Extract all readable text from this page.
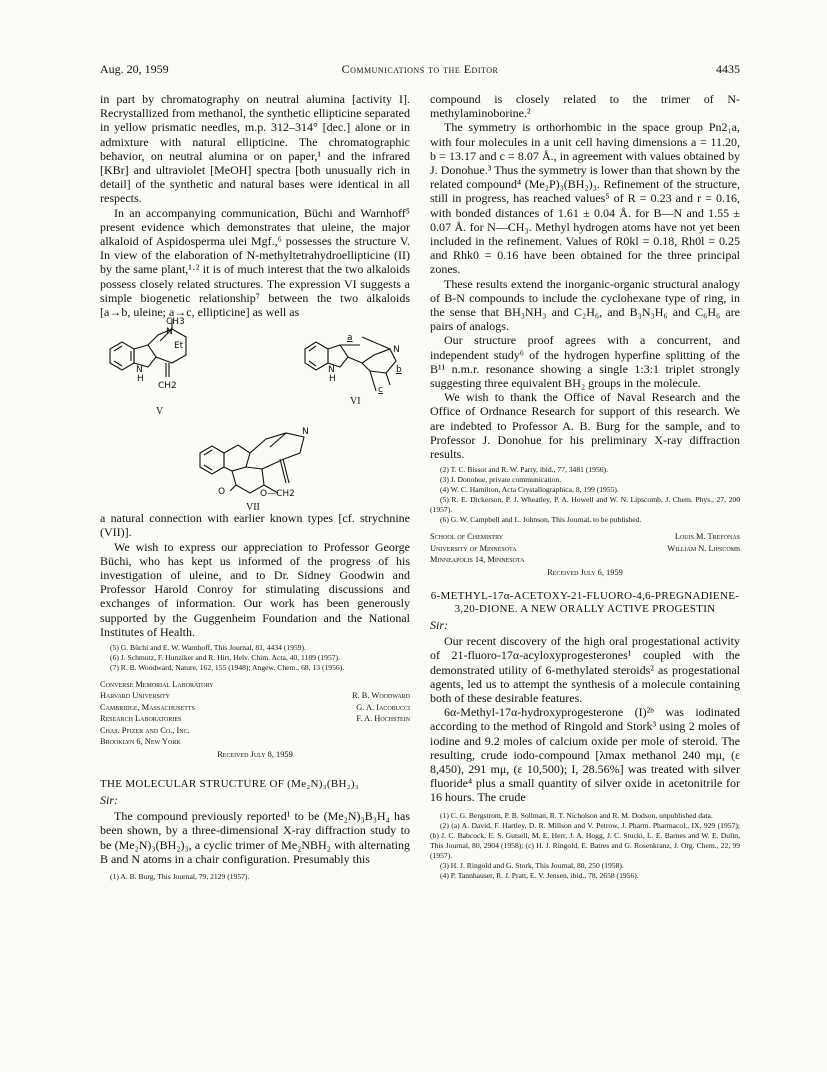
Aug. 20, 1959	Communications to the Editor	4435

in part by chromatography on neutral alumina [activity I]. Recrystallized from methanol, the synthetic ellipticine separated in yellow prismatic needles, m.p. 312–314° [dec.] alone or in admixture with natural ellipticine. The chromatographic behavior, on neutral alumina or on paper,¹ and the infrared [KBr] and ultraviolet [MeOH] spectra [both unusually rich in detail] of the synthetic and natural bases were identical in all respects.

In an accompanying communication, Büchi and Warnhoff⁵ present evidence which demonstrates that uleine, the major alkaloid of Aspidosperma ulei Mgf.,⁶ possesses the structure V. In view of the elaboration of N-methyltetrahydroellipticine (II) by the same plant,¹·² it is of much interest that the two alkaloids possess closely related structures. The expression VI suggests a simple biogenetic relationship⁷ between the two alkaloids [a→b, uleine; a→c, ellipticine] as well as

CH3
N
Et
N
H
CH2
V
a
N
b
c
N
H
VI
N
O	O—CH2
VII

a natural connection with earlier known types [cf. strychnine (VII)].

We wish to express our appreciation to Professor George Büchi, who has kept us informed of the progress of his investigation of uleine, and to Dr. Sidney Goodwin and Professor Harold Conroy for stimulating discussions and exchanges of information. Our work has been generously supported by the Guggenheim Foundation and the National Institutes of Health.

(5) G. Büchi and E. W. Warnhoff, This Journal, 81, 4434 (1959).
(6) J. Schmutz, F. Hunziker and R. Hirt, Helv. Chim. Acta, 40, 1189 (1957).
(7) R. B. Woodward, Nature, 162, 155 (1948); Angew. Chem., 68, 13 (1956).
Converse Memorial Laboratory
Harvard University	R. B. Woodward
Cambridge, Massachusetts	G. A. Iacobucci
Research Laboratories	F. A. Hochstein
Chas. Pfizer and Co., Inc.
Brooklyn 6, New York
Received July 8, 1959
THE MOLECULAR STRUCTURE OF (Me₂N)₃(BH₂)₃
Sir:

The compound previously reported¹ to be (Me₂N)₃B₃H₄ has been shown, by a three-dimensional X-ray diffraction study to be (Me₂N)₃(BH₂)₃, a cyclic trimer of Me₂NBH₂ with alternating B and N atoms in a chair configuration. Presumably this

(1) A. B. Burg, This Journal, 79, 2129 (1957).

compound is closely related to the trimer of N-methylaminoborine.²

The symmetry is orthorhombic in the space group Pn2₁a, with four molecules in a unit cell having dimensions a = 11.20, b = 13.17 and c = 8.07 Å., in agreement with values obtained by J. Donohue.³ Thus the symmetry is lower than that shown by the related compound⁴ (Me₂P)₃(BH₂)₃. Refinement of the structure, still in progress, has reached values⁵ of R = 0.23 and r = 0.16, with bonded distances of 1.61 ± 0.04 Å. for B—N and 1.55 ± 0.07 Å. for N—CH₃. Methyl hydrogen atoms have not yet been included in the refinement. Values of R0kl = 0.18, Rh0l = 0.25 and Rhk0 = 0.16 have been obtained for the three principal zones.

These results extend the inorganic-organic structural analogy of B-N compounds to include the cyclohexane type of ring, in the sense that BH₃NH₃ and C₂H₆, and B₃N₃H₆ and C₆H₆ are pairs of analogs.

Our structure proof agrees with a concurrent, and independent study⁶ of the hydrogen hyperfine splitting of the B¹¹ n.m.r. resonance showing a single 1:3:1 triplet strongly suggesting three equivalent BH₂ groups in the molecule.

We wish to thank the Office of Naval Research and the Office of Ordnance Research for support of this research. We are indebted to Professor A. B. Burg for the sample, and to Professor J. Donohue for his preliminary X-ray diffraction results.

(2) T. C. Bissot and R. W. Parry, ibid., 77, 3481 (1956).
(3) J. Donohue, private communication.
(4) W. C. Hamilton, Acta Crystallographica, 8, 199 (1955).
(5) R. E. Dickerson, P. J. Wheatley, P. A. Howell and W. N. Lipscomb, J. Chem. Phys., 27, 200 (1957).
(6) G. W. Campbell and L. Johnson, This Journal, to be published.
School of Chemistry	Louis M. Trefonas
University of Minnesota	William N. Lipscomb
Minneapolis 14, Minnesota
Received July 6, 1959
6-METHYL-17α-ACETOXY-21-FLUORO-4,6-PREGNADIENE-3,20-DIONE. A NEW ORALLY ACTIVE PROGESTIN
Sir:

Our recent discovery of the high oral progestational activity of 21-fluoro-17α-acyloxyprogesterones¹ coupled with the demonstrated utility of 6-methylated steroids² as progestational agents, led us to attempt the synthesis of a molecule containing both of these desirable features.

6α-Methyl-17α-hydroxyprogesterone (I)²ᵇ was iodinated according to the method of Ringold and Stork³ using 2 moles of iodine and 9.2 moles of calcium oxide per mole of steroid. The resulting, crude iodo-compound [λmax methanol 240 mμ, (ε 8,450), 291 mμ, (ε 10,500); I, 28.56%] was treated with silver fluoride⁴ plus a small quantity of silver oxide in acetonitrile for 16 hours. The crude

(1) C. G. Bergstrom, P. B. Sollman, R. T. Nicholson and R. M. Dodson, unpublished data.
(2) (a) A. David, F. Hartley, D. R. Millson and V. Petrow, J. Pharm. Pharmacol., IX, 929 (1957); (b) J. C. Babcock, E. S. Gutsell, M. E. Herr, J. A. Hogg, J. C. Stucki, L. E. Barnes and W. E. Dulin, This Journal, 80, 2904 (1958); (c) H. J. Ringold, E. Batres and G. Rosenkranz, J. Org. Chem., 22, 99 (1957).
(3) H. J. Ringold and G. Stork, This Journal, 80, 250 (1958).
(4) P. Tannhauser, R. J. Pratt, E. V. Jensen, ibid., 78, 2658 (1956).
